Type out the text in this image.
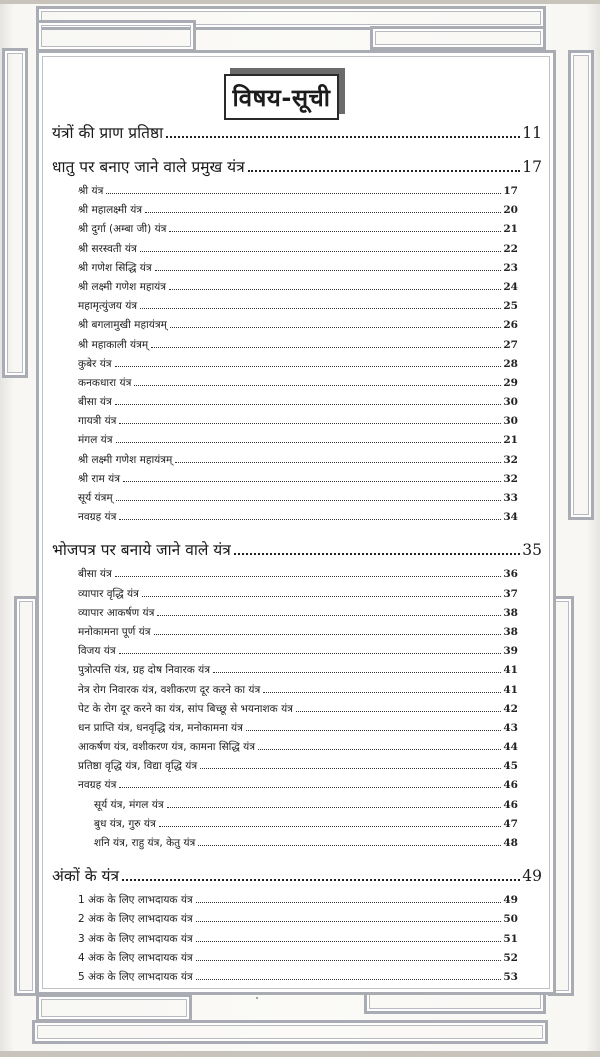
विषय-सूची
यंत्रों की प्राण प्रतिष्ठा	11
धातु पर बनाए जाने वाले प्रमुख यंत्र	17
श्री यंत्र	17
श्री महालक्ष्मी यंत्र	20
श्री दुर्गा (अम्बा जी) यंत्र	21
श्री सरस्वती यंत्र	22
श्री गणेश सिद्धि यंत्र	23
श्री लक्ष्मी गणेश महायंत्र	24
महामृत्युंजय यंत्र	25
श्री बगलामुखी महायंत्रम्	26
श्री महाकाली यंत्रम्	27
कुबेर यंत्र	28
कनकधारा यंत्र	29
बीसा यंत्र	30
गायत्री यंत्र	30
मंगल यंत्र	21
श्री लक्ष्मी गणेश महायंत्रम्	32
श्री राम यंत्र	32
सूर्य यंत्रम्	33
नवग्रह यंत्र	34
भोजपत्र पर बनाये जाने वाले यंत्र	35
बीसा यंत्र	36
व्यापार वृद्धि यंत्र	37
व्यापार आकर्षण यंत्र	38
मनोकामना पूर्ण यंत्र	38
विजय यंत्र	39
पुत्रोत्पत्ति यंत्र, ग्रह दोष निवारक यंत्र	41
नेत्र रोग निवारक यंत्र, वशीकरण दूर करने का यंत्र	41
पेट के रोग दूर करने का यंत्र, सांप बिच्छू से भयनाशक यंत्र	42
धन प्राप्ति यंत्र, धनवृद्धि यंत्र, मनोकामना यंत्र	43
आकर्षण यंत्र, वशीकरण यंत्र, कामना सिद्धि यंत्र	44
प्रतिष्ठा वृद्धि यंत्र, विद्या वृद्धि यंत्र	45
नवग्रह यंत्र	46
सूर्य यंत्र, मंगल यंत्र	46
बुध यंत्र, गुरु यंत्र	47
शनि यंत्र, राहु यंत्र, केतु यंत्र	48
अंकों के यंत्र	49
1 अंक के लिए लाभदायक यंत्र	49
2 अंक के लिए लाभदायक यंत्र	50
3 अंक के लिए लाभदायक यंत्र	51
4 अंक के लिए लाभदायक यंत्र	52
5 अंक के लिए लाभदायक यंत्र	53
